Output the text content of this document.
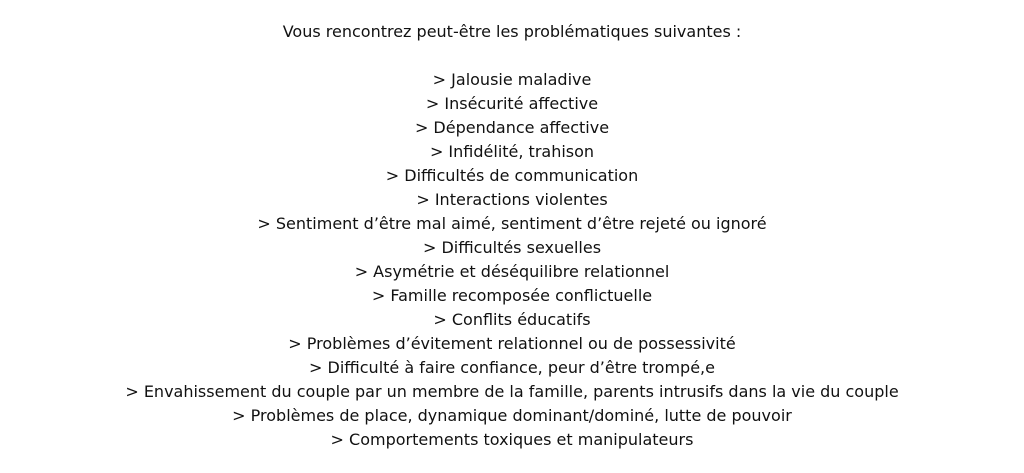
Vous rencontrez peut-être les problématiques suivantes :
> Jalousie maladive
> Insécurité affective
> Dépendance affective
> Infidélité, trahison
> Difficultés de communication
> Interactions violentes
> Sentiment d’être mal aimé, sentiment d’être rejeté ou ignoré
> Difficultés sexuelles
> Asymétrie et déséquilibre relationnel
> Famille recomposée conflictuelle
> Conflits éducatifs
> Problèmes d’évitement relationnel ou de possessivité
> Difficulté à faire confiance, peur d’être trompé,e
> Envahissement du couple par un membre de la famille, parents intrusifs dans la vie du couple
> Problèmes de place, dynamique dominant/dominé, lutte de pouvoir
> Comportements toxiques et manipulateurs
